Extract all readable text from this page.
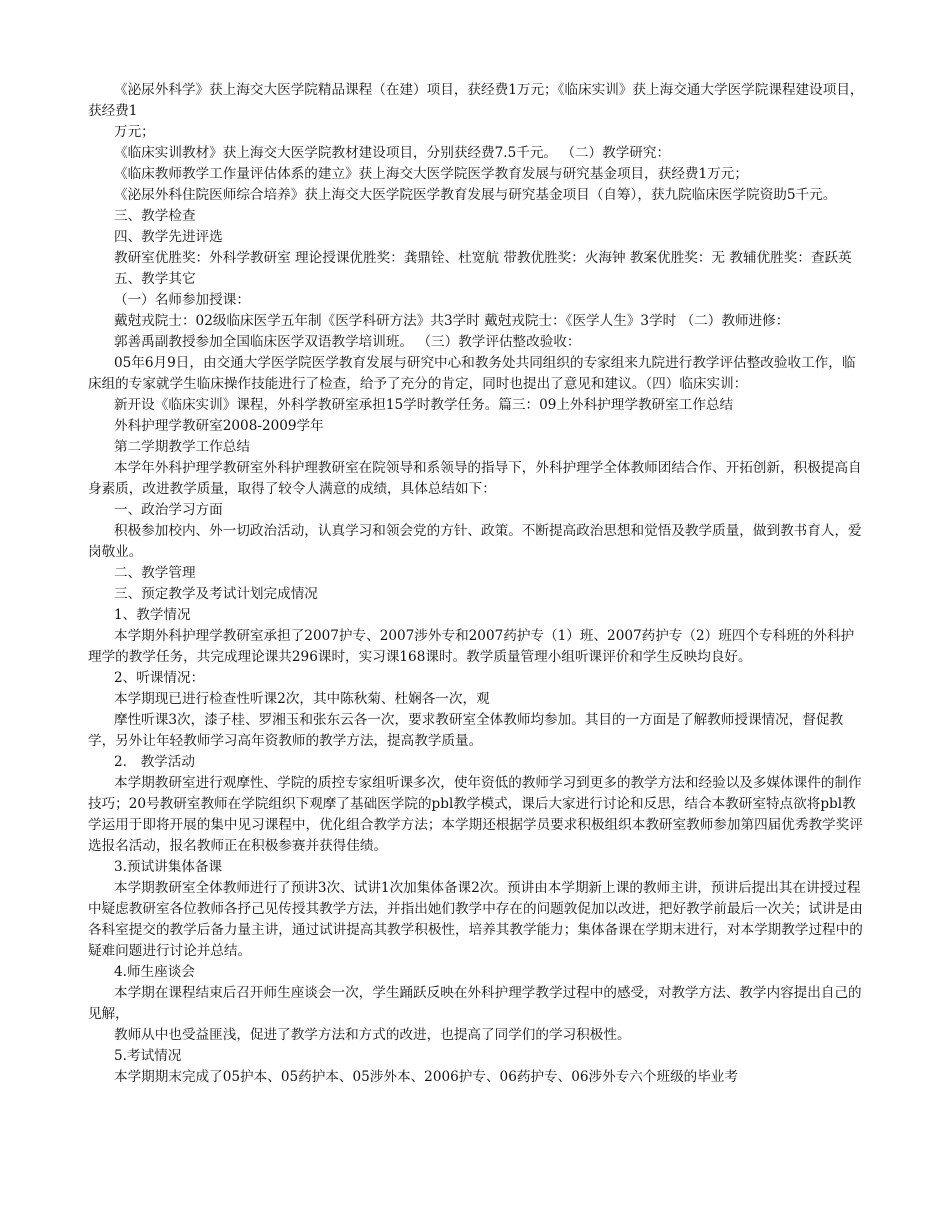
《泌尿外科学》获上海交大医学院精品课程（在建）项目，获经费1万元；《临床实训》获上海交通大学医学院课程建设项目，获经费1

万元；

《临床实训教材》获上海交大医学院教材建设项目，分别获经费7.5千元。 （二）教学研究：

《临床教师教学工作量评估体系的建立》获上海交大医学院医学教育发展与研究基金项目，获经费1万元；

《泌尿外科住院医师综合培养》获上海交大医学院医学教育发展与研究基金项目（自筹），获九院临床医学院资助5千元。

三、教学检查

四、教学先进评选

教研室优胜奖：外科学教研室 理论授课优胜奖：龚鼎铨、杜宽航 带教优胜奖：火海钟 教案优胜奖：无 教辅优胜奖：查跃英

五、教学其它

（一）名师参加授课：

戴尅戎院士：02级临床医学五年制《医学科研方法》共3学时 戴尅戎院士：《医学人生》3学时 （二）教师进修：

郭善禹副教授参加全国临床医学双语教学培训班。 （三）教学评估整改验收：

05年6月9日，由交通大学医学院医学教育发展与研究中心和教务处共同组织的专家组来九院进行教学评估整改验收工作，临床组的专家就学生临床操作技能进行了检查，给予了充分的肯定，同时也提出了意见和建议。（四）临床实训：

新开设《临床实训》课程，外科学教研室承担15学时教学任务。篇三：09上外科护理学教研室工作总结

外科护理学教研室2008-2009学年

第二学期教学工作总结

本学年外科护理学教研室外科护理教研室在院领导和系领导的指导下，外科护理学全体教师团结合作、开拓创新，积极提高自身素质，改进教学质量，取得了较令人满意的成绩，具体总结如下：

一、政治学习方面

积极参加校内、外一切政治活动，认真学习和领会党的方针、政策。不断提高政治思想和觉悟及教学质量，做到教书育人，爱岗敬业。

二、教学管理

三、预定教学及考试计划完成情况

1、教学情况

本学期外科护理学教研室承担了2007护专、2007涉外专和2007药护专（1）班、2007药护专（2）班四个专科班的外科护理学的教学任务，共完成理论课共296课时，实习课168课时。教学质量管理小组听课评价和学生反映均良好。

2、听课情况：

本学期现已进行检查性听课2次，其中陈秋菊、杜娴各一次，观

摩性听课3次，漆子桂、罗湘玉和张东云各一次，要求教研室全体教师均参加。其目的一方面是了解教师授课情况，督促教学，另外让年轻教师学习高年资教师的教学方法，提高教学质量。

2． 教学活动

本学期教研室进行观摩性、学院的质控专家组听课多次，使年资低的教师学习到更多的教学方法和经验以及多媒体课件的制作技巧；20号教研室教师在学院组织下观摩了基础医学院的pbl教学模式，课后大家进行讨论和反思，结合本教研室特点欲将pbl教学运用于即将开展的集中见习课程中，优化组合教学方法；本学期还根据学员要求积极组织本教研室教师参加第四届优秀教学奖评选报名活动，报名教师正在积极参赛并获得佳绩。

3.预试讲集体备课

本学期教研室全体教师进行了预讲3次、试讲1次加集体备课2次。预讲由本学期新上课的教师主讲，预讲后提出其在讲授过程中疑虑教研室各位教师各抒己见传授其教学方法，并指出她们教学中存在的问题敦促加以改进，把好教学前最后一次关；试讲是由各科室提交的教学后备力量主讲，通过试讲提高其教学积极性，培养其教学能力；集体备课在学期末进行，对本学期教学过程中的疑难问题进行讨论并总结。

4.师生座谈会

本学期在课程结束后召开师生座谈会一次，学生踊跃反映在外科护理学教学过程中的感受，对教学方法、教学内容提出自己的见解，

教师从中也受益匪浅，促进了教学方法和方式的改进，也提高了同学们的学习积极性。

5.考试情况

本学期期末完成了05护本、05药护本、05涉外本、2006护专、06药护专、06涉外专六个班级的毕业考
